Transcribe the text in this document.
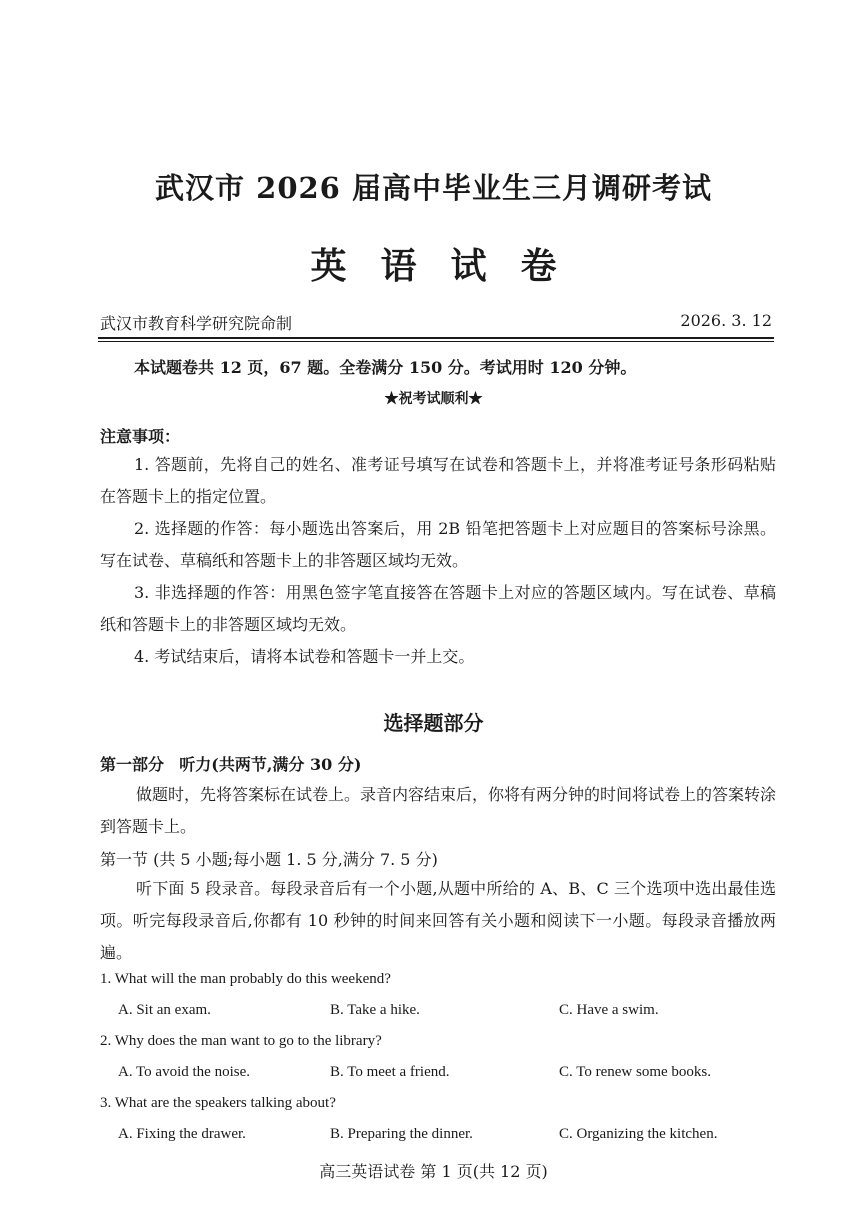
武汉市 2026 届高中毕业生三月调研考试
英语试卷
武汉市教育科学研究院命制	2026. 3. 12
本试题卷共 12 页，67 题。全卷满分 150 分。考试用时 120 分钟。
★祝考试顺利★
注意事项：
1. 答题前，先将自己的姓名、准考证号填写在试卷和答题卡上，并将准考证号条形码粘贴在答题卡上的指定位置。
2. 选择题的作答：每小题选出答案后，用 2B 铅笔把答题卡上对应题目的答案标号涂黑。写在试卷、草稿纸和答题卡上的非答题区域均无效。
3. 非选择题的作答：用黑色签字笔直接答在答题卡上对应的答题区域内。写在试卷、草稿纸和答题卡上的非答题区域均无效。
4. 考试结束后，请将本试卷和答题卡一并上交。
选择题部分
第一部分 听力(共两节,满分 30 分)
做题时，先将答案标在试卷上。录音内容结束后，你将有两分钟的时间将试卷上的答案转涂到答题卡上。
第一节 (共 5 小题;每小题 1. 5 分,满分 7. 5 分)
听下面 5 段录音。每段录音后有一个小题,从题中所给的 A、B、C 三个选项中选出最佳选项。听完每段录音后,你都有 10 秒钟的时间来回答有关小题和阅读下一小题。每段录音播放两遍。
1. What will the man probably do this weekend?
A. Sit an exam.	B. Take a hike.	C. Have a swim.
2. Why does the man want to go to the library?
A. To avoid the noise.	B. To meet a friend.	C. To renew some books.
3. What are the speakers talking about?
A. Fixing the drawer.	B. Preparing the dinner.	C. Organizing the kitchen.
高三英语试卷 第 1 页(共 12 页)
